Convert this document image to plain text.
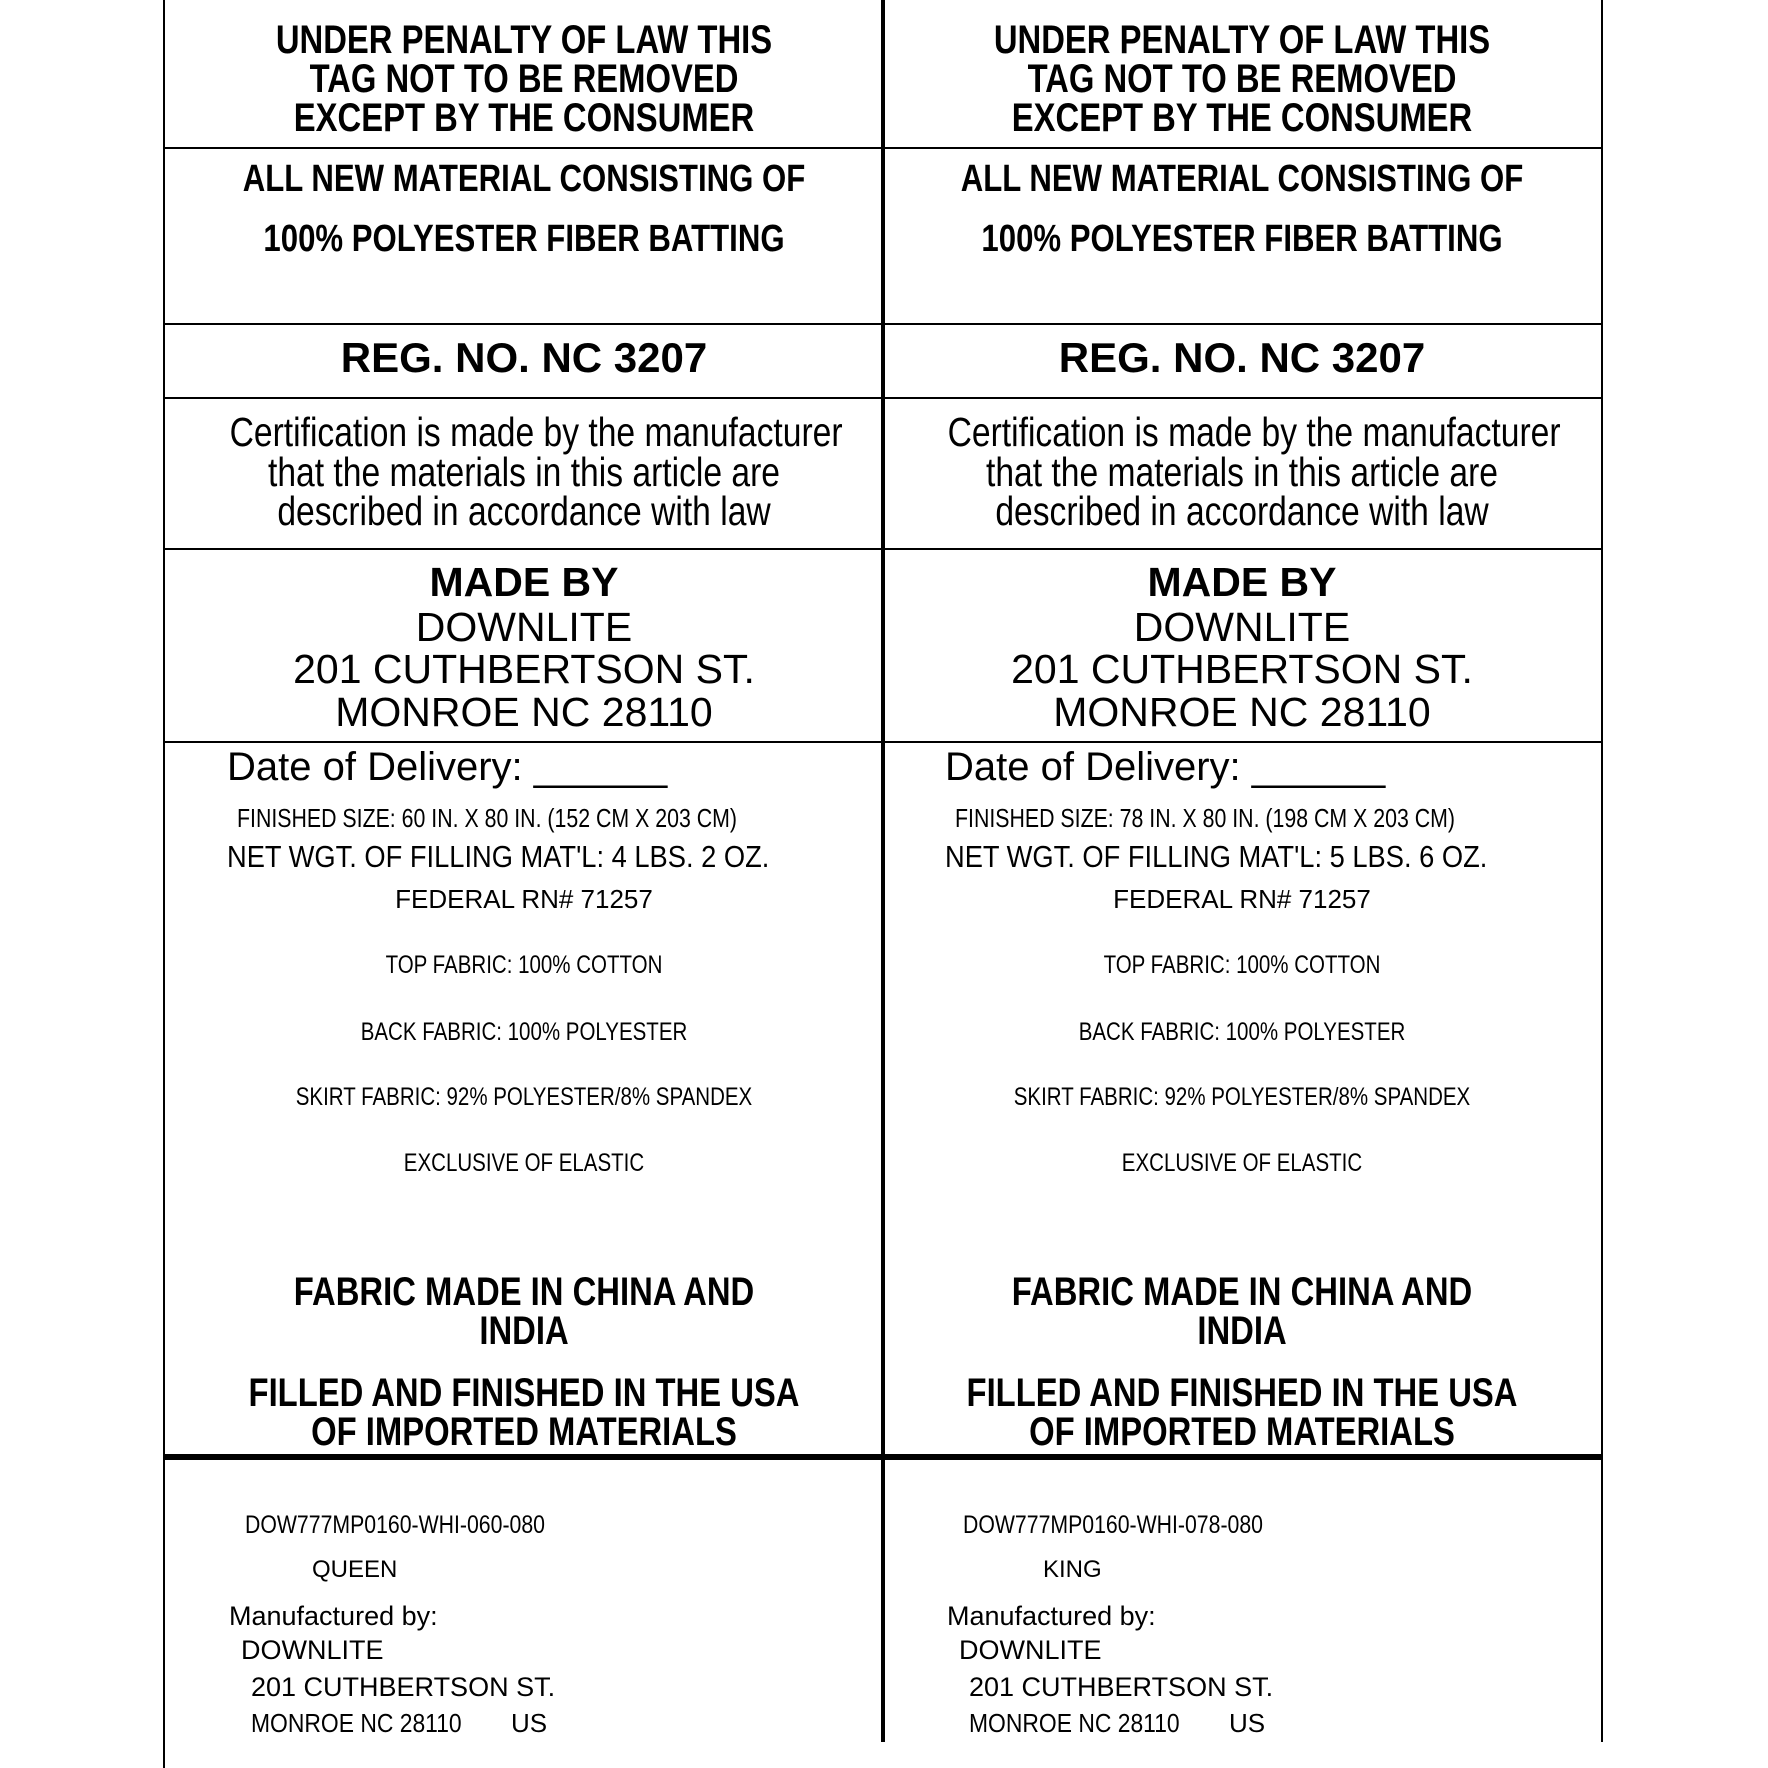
UNDER PENALTY OF LAW THIS
TAG NOT TO BE REMOVED
EXCEPT BY THE CONSUMER
ALL NEW MATERIAL CONSISTING OF
100% POLYESTER FIBER BATTING
REG. NO. NC 3207
Certification is made by the manufacturer
that the materials in this article are
described in accordance with law
MADE BY
DOWNLITE
201 CUTHBERTSON ST.
MONROE NC 28110
Date of Delivery: ______
FINISHED SIZE: 60 IN. X 80 IN. (152 CM X 203 CM)
NET WGT. OF FILLING MAT'L: 4 LBS. 2 OZ.
FEDERAL RN# 71257
TOP FABRIC: 100% COTTON
BACK FABRIC: 100% POLYESTER
SKIRT FABRIC: 92% POLYESTER/8% SPANDEX
EXCLUSIVE OF ELASTIC
FABRIC MADE IN CHINA AND
INDIA
FILLED AND FINISHED IN THE USA
OF IMPORTED MATERIALS
DOW777MP0160-WHI-060-080
QUEEN
Manufactured by:
DOWNLITE
201 CUTHBERTSON ST.
MONROE NC 28110 US
UNDER PENALTY OF LAW THIS
TAG NOT TO BE REMOVED
EXCEPT BY THE CONSUMER
ALL NEW MATERIAL CONSISTING OF
100% POLYESTER FIBER BATTING
REG. NO. NC 3207
Certification is made by the manufacturer
that the materials in this article are
described in accordance with law
MADE BY
DOWNLITE
201 CUTHBERTSON ST.
MONROE NC 28110
Date of Delivery: ______
FINISHED SIZE: 78 IN. X 80 IN. (198 CM X 203 CM)
NET WGT. OF FILLING MAT'L: 5 LBS. 6 OZ.
FEDERAL RN# 71257
TOP FABRIC: 100% COTTON
BACK FABRIC: 100% POLYESTER
SKIRT FABRIC: 92% POLYESTER/8% SPANDEX
EXCLUSIVE OF ELASTIC
FABRIC MADE IN CHINA AND
INDIA
FILLED AND FINISHED IN THE USA
OF IMPORTED MATERIALS
DOW777MP0160-WHI-078-080
KING
Manufactured by:
DOWNLITE
201 CUTHBERTSON ST.
MONROE NC 28110 US
